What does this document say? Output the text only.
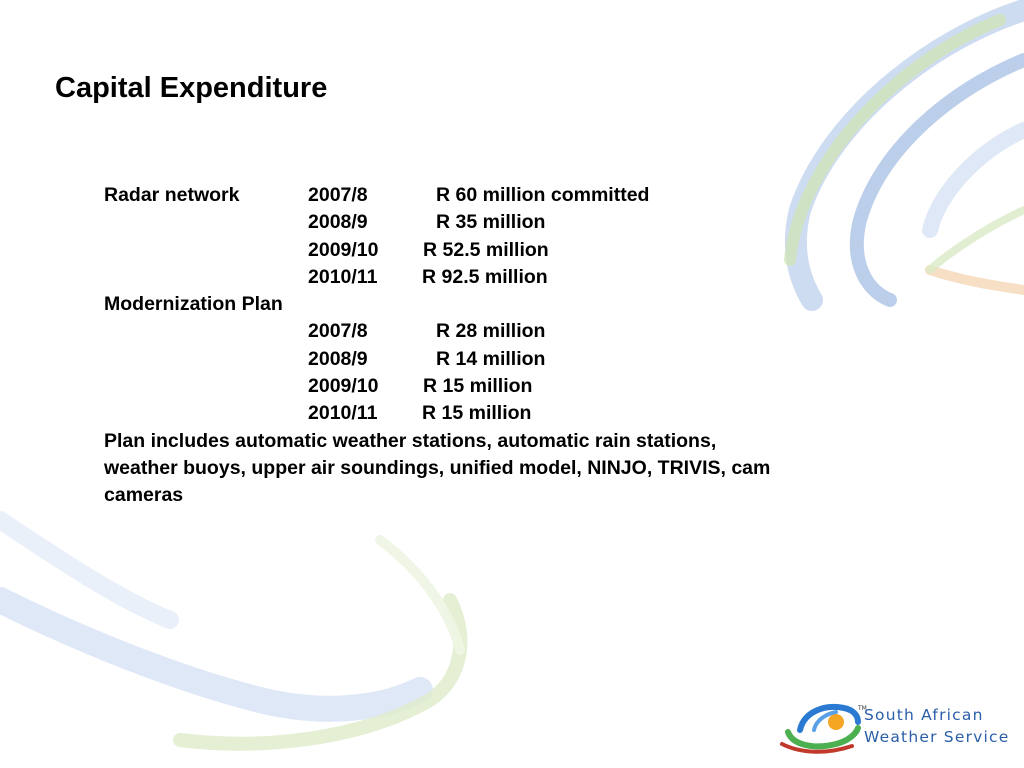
Capital Expenditure
Radar network	2007/8	R 60 million committed
2008/9	R 35 million
2009/10 R 52.5 million
2010/11 R 92.5 million
Modernization Plan
2007/8	R 28 million
2008/9	R 14 million
2009/10 R 15 million
2010/11 R 15 million
Plan includes automatic weather stations, automatic rain stations, weather buoys, upper air soundings, unified model, NINJO, TRIVIS, cam cameras
TM
South African
Weather Service
